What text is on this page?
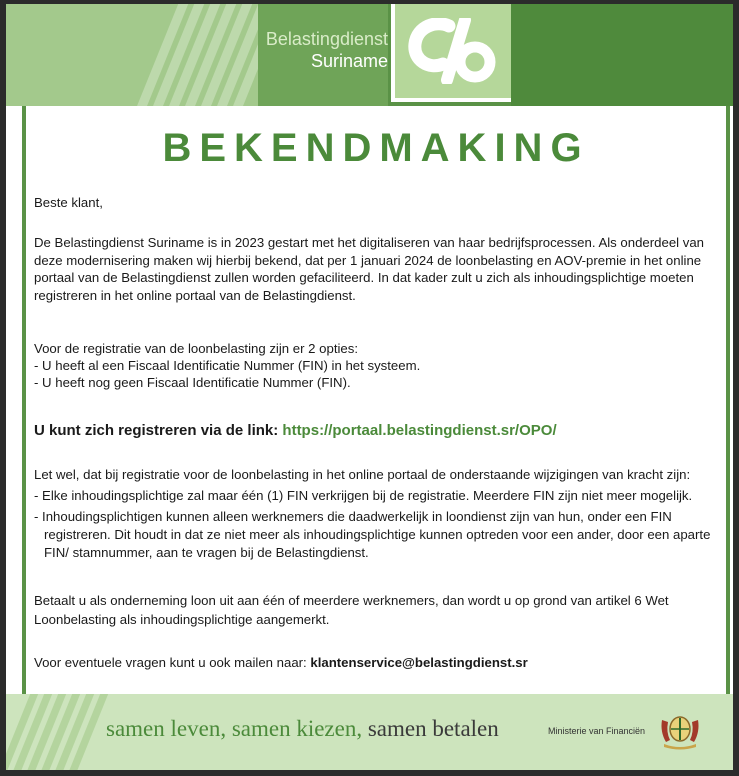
Belastingdienst
Suriname
BEKENDMAKING
Beste klant,
De Belastingdienst Suriname is in 2023 gestart met het digitaliseren van haar bedrijfsprocessen. Als onderdeel van deze modernisering maken wij hierbij bekend, dat per 1 januari 2024 de loonbelasting en AOV-premie in het online portaal van de Belastingdienst zullen worden gefaciliteerd. In dat kader zult u zich als inhoudingsplichtige moeten registreren in het online portaal van de Belastingdienst.
Voor de registratie van de loonbelasting zijn er 2 opties:
- U heeft al een Fiscaal Identificatie Nummer (FIN) in het systeem.
- U heeft nog geen Fiscaal Identificatie Nummer (FIN).
U kunt zich registreren via de link: https://portaal.belastingdienst.sr/OPO/
Let wel, dat bij registratie voor de loonbelasting in het online portaal de onderstaande wijzigingen van kracht zijn:
- Elke inhoudingsplichtige zal maar één (1) FIN verkrijgen bij de registratie. Meerdere FIN zijn niet meer mogelijk.
- Inhoudingsplichtigen kunnen alleen werknemers die daadwerkelijk in loondienst zijn van hun, onder een FIN
registreren. Dit houdt in dat ze niet meer als inhoudingsplichtige kunnen optreden voor een ander, door een aparte
FIN/ stamnummer, aan te vragen bij de Belastingdienst.
Betaalt u als onderneming loon uit aan één of meerdere werknemers, dan wordt u op grond van artikel 6 Wet
Loonbelasting als inhoudingsplichtige aangemerkt.
Voor eventuele vragen kunt u ook mailen naar: klantenservice@belastingdienst.sr
samen leven, samen kiezen, samen betalen	Ministerie van Financiën
